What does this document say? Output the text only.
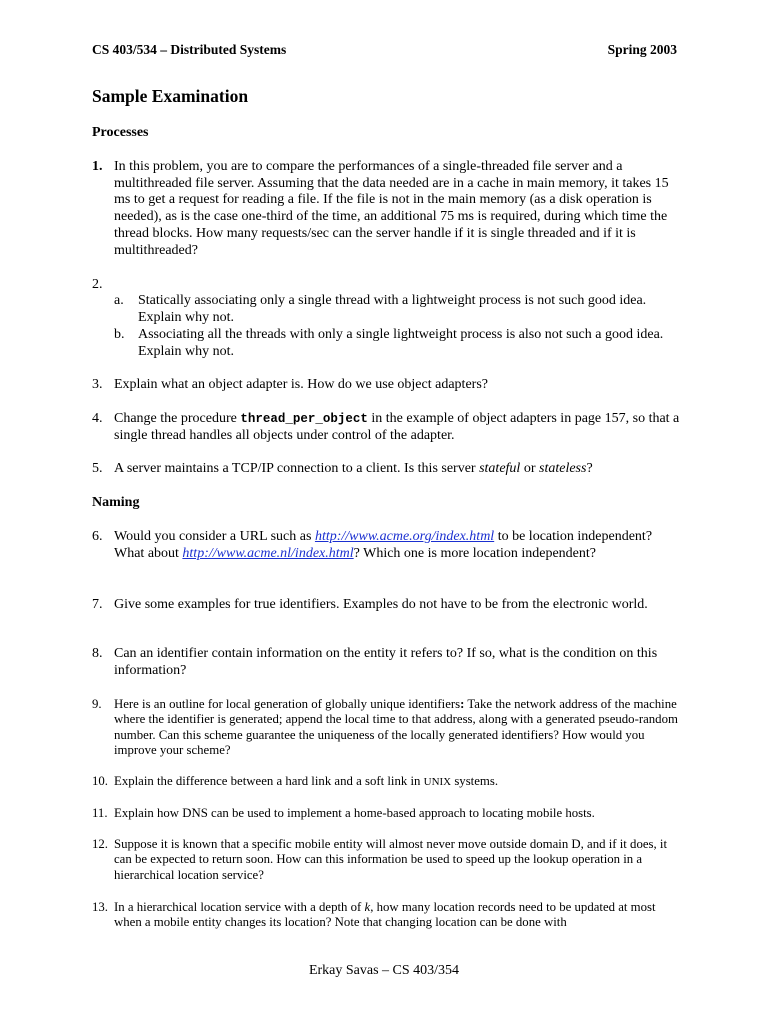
CS 403/534 – Distributed Systems	Spring 2003
Sample Examination
Processes
1. In this problem, you are to compare the performances of a single-threaded file server and a multithreaded file server. Assuming that the data needed are in a cache in main memory, it takes 15 ms to get a request for reading a file. If the file is not in the main memory (as a disk operation is needed), as is the case one-third of the time, an additional 75 ms is required, during which time the thread blocks. How many requests/sec can the server handle if it is single threaded and if it is multithreaded?
2.
a. Statically associating only a single thread with a lightweight process is not such good idea. Explain why not.
b. Associating all the threads with only a single lightweight process is also not such a good idea. Explain why not.
3. Explain what an object adapter is. How do we use object adapters?
4. Change the procedure thread_per_object in the example of object adapters in page 157, so that a single thread handles all objects under control of the adapter.
5. A server maintains a TCP/IP connection to a client. Is this server stateful or stateless?
Naming
6. Would you consider a URL such as http://www.acme.org/index.html to be location independent? What about http://www.acme.nl/index.html? Which one is more location independent?
7. Give some examples for true identifiers. Examples do not have to be from the electronic world.
8. Can an identifier contain information on the entity it refers to? If so, what is the condition on this information?
9. Here is an outline for local generation of globally unique identifiers: Take the network address of the machine where the identifier is generated; append the local time to that address, along with a generated pseudo-random number. Can this scheme guarantee the uniqueness of the locally generated identifiers? How would you improve your scheme?
10. Explain the difference between a hard link and a soft link in UNIX systems.
11. Explain how DNS can be used to implement a home-based approach to locating mobile hosts.
12. Suppose it is known that a specific mobile entity will almost never move outside domain D, and if it does, it can be expected to return soon. How can this information be used to speed up the lookup operation in a hierarchical location service?
13. In a hierarchical location service with a depth of k, how many location records need to be updated at most when a mobile entity changes its location? Note that changing location can be done with
Erkay Savas – CS 403/354
